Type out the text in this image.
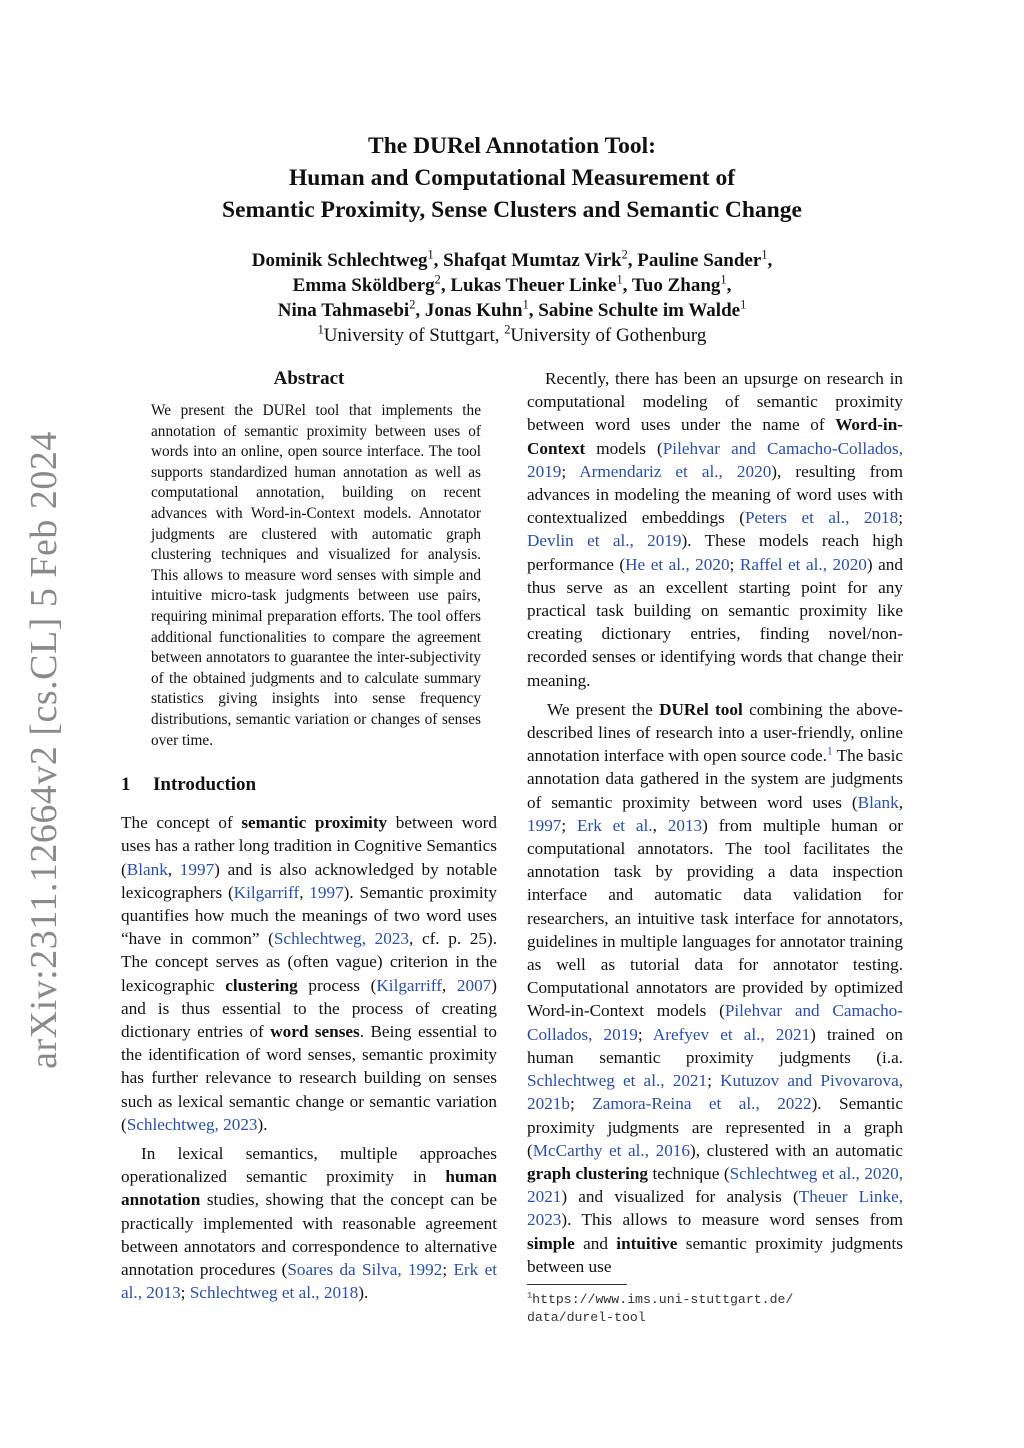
arXiv:2311.12664v2 [cs.CL] 5 Feb 2024
The DURel Annotation Tool:
Human and Computational Measurement of
Semantic Proximity, Sense Clusters and Semantic Change
Dominik Schlechtweg$^1$, Shafqat Mumtaz Virk$^2$, Pauline Sander$^1$,
Emma Sköldberg$^2$, Lukas Theuer Linke$^1$, Tuo Zhang$^1$,
Nina Tahmasebi$^2$, Jonas Kuhn$^1$, Sabine Schulte im Walde$^1$
$^1$University of Stuttgart, $^2$University of Gothenburg
Abstract

We present the DURel tool that implements the annotation of semantic proximity between uses of words into an online, open source interface. The tool supports standardized human annotation as well as computational annotation, building on recent advances with Word-in-Context models. Annotator judgments are clustered with automatic graph clustering techniques and visualized for analysis. This allows to measure word senses with simple and intuitive micro-task judgments between use pairs, requiring minimal preparation efforts. The tool offers additional functionalities to compare the agreement between annotators to guarantee the inter-subjectivity of the obtained judgments and to calculate summary statistics giving insights into sense frequency distributions, semantic variation or changes of senses over time.

1 Introduction

The concept of semantic proximity between word uses has a rather long tradition in Cognitive Semantics (Blank, 1997) and is also acknowledged by notable lexicographers (Kilgarriff, 1997). Semantic proximity quantifies how much the meanings of two word uses “have in common” (Schlechtweg, 2023, cf. p. 25). The concept serves as (often vague) criterion in the lexicographic clustering process (Kilgarriff, 2007) and is thus essential to the process of creating dictionary entries of word senses. Being essential to the identification of word senses, semantic proximity has further relevance to research building on senses such as lexical semantic change or semantic variation (Schlechtweg, 2023).

In lexical semantics, multiple approaches operationalized semantic proximity in human annotation studies, showing that the concept can be practically implemented with reasonable agreement between annotators and correspondence to alternative annotation procedures (Soares da Silva, 1992; Erk et al., 2013; Schlechtweg et al., 2018).

Recently, there has been an upsurge on research in computational modeling of semantic proximity between word uses under the name of Word-in-Context models (Pilehvar and Camacho-Collados, 2019; Armendariz et al., 2020), resulting from advances in modeling the meaning of word uses with contextualized embeddings (Peters et al., 2018; Devlin et al., 2019). These models reach high performance (He et al., 2020; Raffel et al., 2020) and thus serve as an excellent starting point for any practical task building on semantic proximity like creating dictionary entries, finding novel/non-recorded senses or identifying words that change their meaning.

We present the DURel tool combining the above-described lines of research into a user-friendly, online annotation interface with open source code.$^1$ The basic annotation data gathered in the system are judgments of semantic proximity between word uses (Blank, 1997; Erk et al., 2013) from multiple human or computational annotators. The tool facilitates the annotation task by providing a data inspection interface and automatic data validation for researchers, an intuitive task interface for annotators, guidelines in multiple languages for annotator training as well as tutorial data for annotator testing. Computational annotators are provided by optimized Word-in-Context models (Pilehvar and Camacho-Collados, 2019; Arefyev et al., 2021) trained on human semantic proximity judgments (i.a. Schlechtweg et al., 2021; Kutuzov and Pivovarova, 2021b; Zamora-Reina et al., 2022). Semantic proximity judgments are represented in a graph (McCarthy et al., 2016), clustered with an automatic graph clustering technique (Schlechtweg et al., 2020, 2021) and visualized for analysis (Theuer Linke, 2023). This allows to measure word senses from simple and intuitive semantic proximity judgments between use

$^1$https://www.ims.uni-stuttgart.de/
data/durel-tool
